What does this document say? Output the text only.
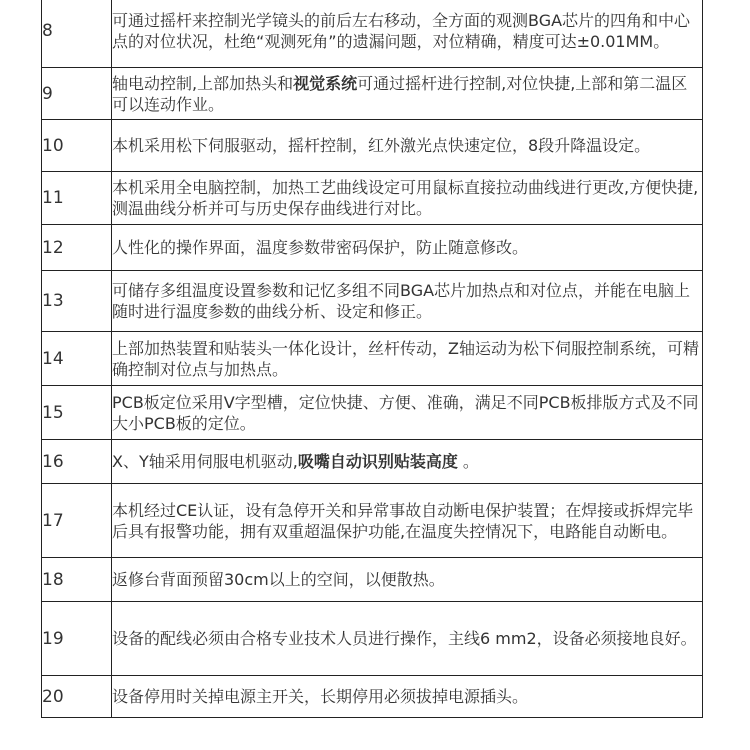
8	可通过摇杆来控制光学镜头的前后左右移动，全方面的观测BGA芯片的四角和中心点的对位状况，杜绝“观测死角”的遗漏问题，对位精确，精度可达±0.01MM。
9	轴电动控制,上部加热头和视觉系统可通过摇杆进行控制,对位快捷,上部和第二温区可以连动作业。
10	本机采用松下伺服驱动，摇杆控制，红外激光点快速定位，8段升降温设定。
11	本机采用全电脑控制，加热工艺曲线设定可用鼠标直接拉动曲线进行更改,方便快捷,测温曲线分析并可与历史保存曲线进行对比。
12	人性化的操作界面，温度参数带密码保护，防止随意修改。
13	可储存多组温度设置参数和记忆多组不同BGA芯片加热点和对位点，并能在电脑上随时进行温度参数的曲线分析、设定和修正。
14	上部加热装置和贴装头一体化设计，丝杆传动，Z轴运动为松下伺服控制系统，可精确控制对位点与加热点。
15	PCB板定位采用V字型槽，定位快捷、方便、准确，满足不同PCB板排版方式及不同大小PCB板的定位。
16	X、Y轴采用伺服电机驱动,吸嘴自动识别贴装高度 。
17	本机经过CE认证，设有急停开关和异常事故自动断电保护装置；在焊接或拆焊完毕后具有报警功能，拥有双重超温保护功能,在温度失控情况下，电路能自动断电。
18	返修台背面预留30cm以上的空间，以便散热。
19	设备的配线必须由合格专业技术人员进行操作，主线6 mm2，设备必须接地良好。
20	设备停用时关掉电源主开关，长期停用必须拔掉电源插头。
